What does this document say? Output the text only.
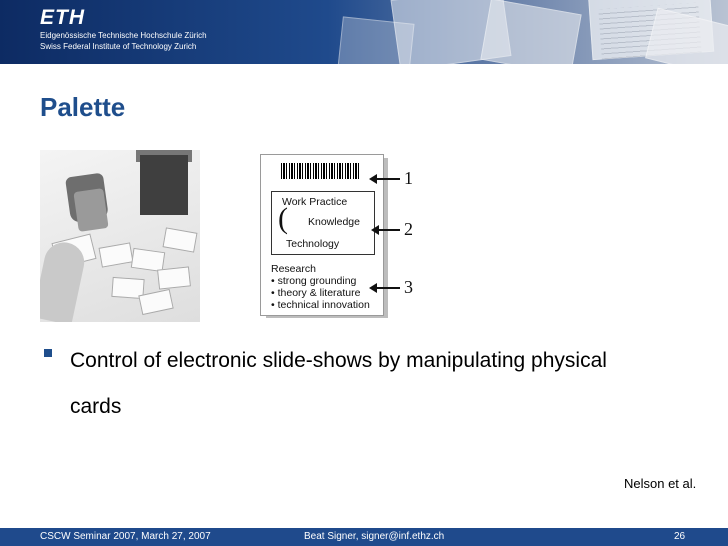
ETH
Eidgenössische Technische Hochschule Zürich
Swiss Federal Institute of Technology Zurich
Palette
Work Practice
( Knowledge
Technology
Research
• strong grounding
• theory & literature
• technical innovation
1
2
3
Control of electronic slide-shows by manipulating physical cards
Nelson et al.
CSCW Seminar 2007, March 27, 2007	Beat Signer, signer@inf.ethz.ch	26
